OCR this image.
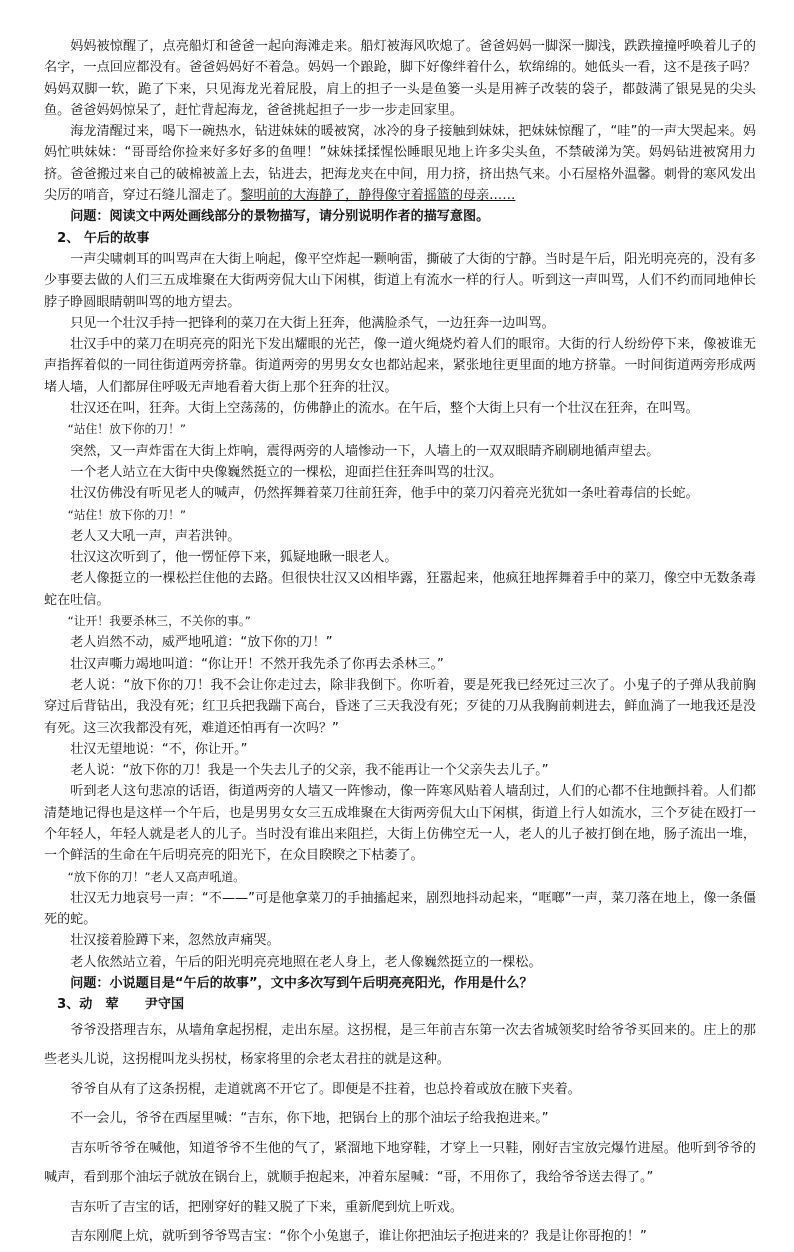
妈妈被惊醒了，点亮船灯和爸爸一起向海滩走来。船灯被海风吹熄了。爸爸妈妈一脚深一脚浅，跌跌撞撞呼唤着儿子的名字，一点回应都没有。爸爸妈妈好不着急。妈妈一个踉跄，脚下好像绊着什么，软绵绵的。她低头一看，这不是孩子吗？妈妈双脚一软，跪了下来，只见海龙光着屁股，肩上的担子一头是鱼篓一头是用裤子改装的袋子，都鼓满了银晃晃的尖头鱼。爸爸妈妈惊呆了，赶忙背起海龙，爸爸挑起担子一步一步走回家里。

海龙清醒过来，喝下一碗热水，钻进妹妹的暖被窝，冰冷的身子接触到妹妹，把妹妹惊醒了，“哇”的一声大哭起来。妈妈忙哄妹妹：“哥哥给你捡来好多好多的鱼哩！”妹妹揉揉惺忪睡眼见地上许多尖头鱼，不禁破涕为笑。妈妈钻进被窝用力挤。爸爸搬过来自己的破棉被盖上去，钻进去，把海龙夹在中间，用力挤，挤出热气来。小石屋格外温馨。刺骨的寒风发出尖厉的哨音，穿过石缝儿溜走了。黎明前的大海静了，静得像守着摇篮的母亲……

问题：阅读文中两处画线部分的景物描写，请分别说明作者的描写意图。

2、 午后的故事

一声尖啸刺耳的叫骂声在大街上响起，像平空炸起一颗响雷，撕破了大街的宁静。当时是午后，阳光明亮亮的，没有多少事要去做的人们三五成堆聚在大街两旁侃大山下闲棋，街道上有流水一样的行人。听到这一声叫骂，人们不约而同地伸长脖子睁圆眼睛朝叫骂的地方望去。

只见一个壮汉手持一把锋利的菜刀在大街上狂奔，他满脸杀气，一边狂奔一边叫骂。

壮汉手中的菜刀在明亮亮的阳光下发出耀眼的光芒，像一道火绳烧灼着人们的眼帘。大街的行人纷纷停下来，像被谁无声指挥着似的一同往街道两旁挤靠。街道两旁的男男女女也都站起来，紧张地往更里面的地方挤靠。一时间街道两旁形成两堵人墙，人们都屏住呼吸无声地看着大街上那个狂奔的壮汉。

壮汉还在叫，狂奔。大街上空荡荡的，仿佛静止的流水。在午后，整个大街上只有一个壮汉在狂奔，在叫骂。

“站住！放下你的刀！”

突然，又一声炸雷在大街上炸响，震得两旁的人墙惨动一下，人墙上的一双双眼睛齐刷刷地循声望去。

一个老人站立在大街中央像巍然挺立的一棵松，迎面拦住狂奔叫骂的壮汉。

壮汉仿佛没有听见老人的喊声，仍然挥舞着菜刀往前狂奔，他手中的菜刀闪着亮光犹如一条吐着毒信的长蛇。

“站住！放下你的刀！”

老人又大吼一声，声若洪钟。

壮汉这次听到了，他一愣怔停下来，狐疑地瞅一眼老人。

老人像挺立的一棵松拦住他的去路。但很快壮汉又凶相毕露，狂嚣起来，他疯狂地挥舞着手中的菜刀，像空中无数条毒蛇在吐信。

“让开！我要杀林三，不关你的事。”

老人岿然不动，威严地吼道：“放下你的刀！”

壮汉声嘶力竭地叫道：“你让开！不然开我先杀了你再去杀林三。”

老人说：“放下你的刀！我不会让你走过去，除非我倒下。你听着，要是死我已经死过三次了。小鬼子的子弹从我前胸穿过后背钻出，我没有死；红卫兵把我踹下高台，昏迷了三天我没有死；歹徒的刀从我胸前刺进去，鲜血淌了一地我还是没有死。这三次我都没有死，难道还怕再有一次吗？”

壮汉无望地说：“不，你让开。”

老人说：“放下你的刀！我是一个失去儿子的父亲，我不能再让一个父亲失去儿子。”

听到老人这句悲凉的话语，街道两旁的人墙又一阵惨动，像一阵寒风贴着人墙刮过，人们的心都不住地颤抖着。人们都清楚地记得也是这样一个午后，也是男男女女三五成堆聚在大街两旁侃大山下闲棋，街道上行人如流水，三个歹徒在殴打一个年轻人，年轻人就是老人的儿子。当时没有谁出来阻拦，大街上仿佛空无一人，老人的儿子被打倒在地，肠子流出一堆，一个鲜活的生命在午后明亮亮的阳光下，在众目睽睽之下枯萎了。

“放下你的刀！”老人又高声吼道。

壮汉无力地哀号一声：“不——”可是他拿菜刀的手抽搐起来，剧烈地抖动起来，“哐啷”一声，菜刀落在地上，像一条僵死的蛇。

壮汉接着脸蹲下来，忽然放声痛哭。

老人依然站立着，午后的阳光明亮亮地照在老人身上，老人像巍然挺立的一棵松。

问题：小说题目是“午后的故事”，文中多次写到午后明亮亮阳光，作用是什么？

3、动　荤　　尹守国

爷爷没搭理吉东，从墙角拿起拐棍，走出东屋。这拐棍，是三年前吉东第一次去省城领奖时给爷爷买回来的。庄上的那些老头儿说，这拐棍叫龙头拐杖，杨家将里的佘老太君拄的就是这种。

爷爷自从有了这条拐棍，走道就离不开它了。即便是不拄着，也总拎着或放在腋下夹着。

不一会儿，爷爷在西屋里喊：“吉东，你下地，把锅台上的那个油坛子给我抱进来。”

吉东听爷爷在喊他，知道爷爷不生他的气了，紧溜地下地穿鞋，才穿上一只鞋，刚好吉宝放完爆竹进屋。他听到爷爷的喊声，看到那个油坛子就放在锅台上，就顺手抱起来，冲着东屋喊：“哥，不用你了，我给爷爷送去得了。”

吉东听了吉宝的话，把刚穿好的鞋又脱了下来，重新爬到炕上听戏。

吉东刚爬上炕，就听到爷爷骂吉宝：“你个小兔崽子，谁让你把油坛子抱进来的？我是让你哥抱的！”
